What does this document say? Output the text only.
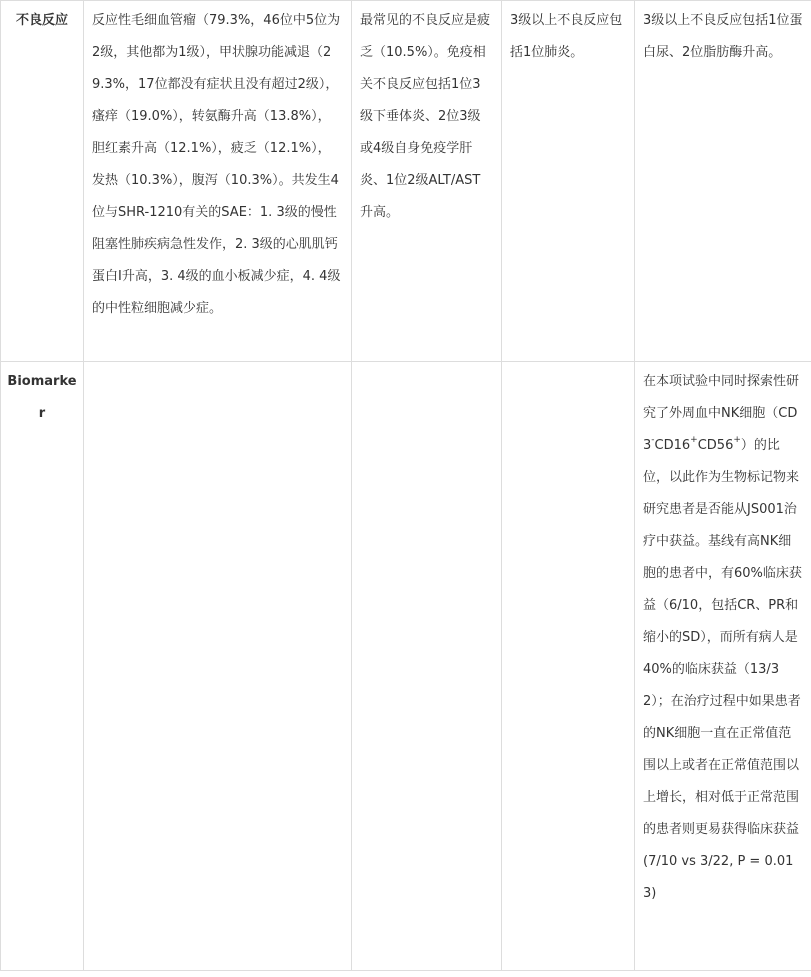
不良反应	反应性毛细血管瘤（79.3%，46位中5位为2级，其他都为1级），甲状腺功能减退（29.3%，17位都没有症状且没有超过2级），瘙痒（19.0%），转氨酶升高（13.8%），胆红素升高（12.1%），疲乏（12.1%），发热（10.3%），腹泻（10.3%）。共发生4位与SHR-1210有关的SAE：1. 3级的慢性阻塞性肺疾病急性发作，2. 3级的心肌肌钙蛋白I升高，3. 4级的血小板减少症，4. 4级的中性粒细胞减少症。	最常见的不良反应是疲乏（10.5%）。免疫相关不良反应包括1位3级下垂体炎、2位3级或4级自身免疫学肝炎、1位2级ALT/AST升高。	3级以上不良反应包括1位肺炎。	3级以上不良反应包括1位蛋白尿、2位脂肪酶升高。
Biomarker				在本项试验中同时探索性研究了外周血中NK细胞（CD3-CD16+CD56+）的比位，以此作为生物标记物来研究患者是否能从JS001治疗中获益。基线有高NK细胞的患者中，有60%临床获益（6/10，包括CR、PR和缩小的SD），而所有病人是40%的临床获益（13/32）；在治疗过程中如果患者的NK细胞一直在正常值范围以上或者在正常值范围以上增长，相对低于正常范围的患者则更易获得临床获益(7/10 vs 3/22, P = 0.013)
